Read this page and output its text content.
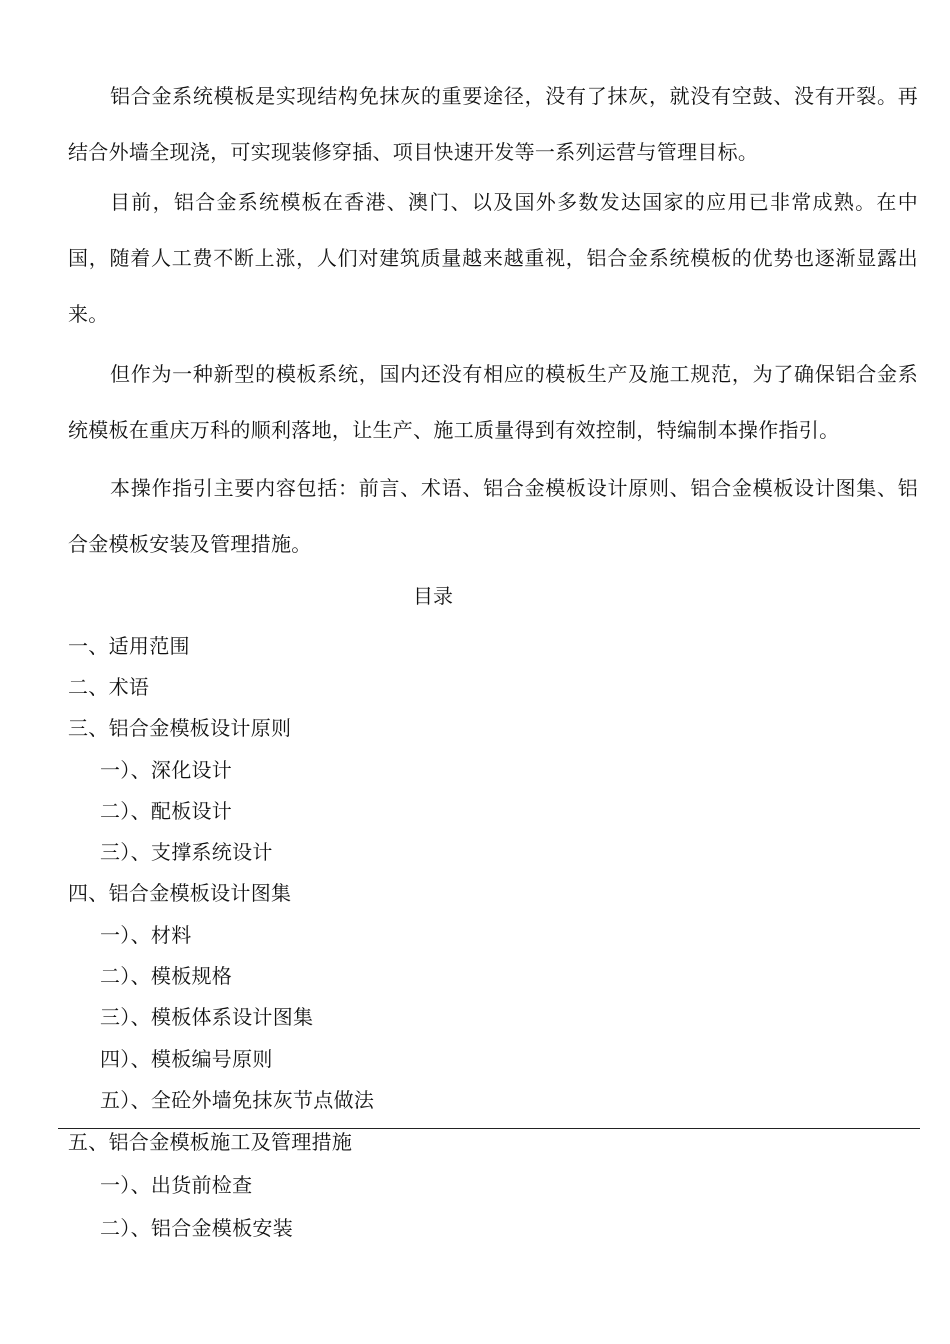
铝合金系统模板是实现结构免抹灰的重要途径，没有了抹灰，就没有空鼓、没有开裂。再结合外墙全现浇，可实现装修穿插、项目快速开发等一系列运营与管理目标。

目前，铝合金系统模板在香港、澳门、以及国外多数发达国家的应用已非常成熟。在中国，随着人工费不断上涨，人们对建筑质量越来越重视，铝合金系统模板的优势也逐渐显露出来。

但作为一种新型的模板系统，国内还没有相应的模板生产及施工规范，为了确保铝合金系统模板在重庆万科的顺利落地，让生产、施工质量得到有效控制，特编制本操作指引。

本操作指引主要内容包括：前言、术语、铝合金模板设计原则、铝合金模板设计图集、铝合金模板安装及管理措施。

目录
一、适用范围
二、术语
三、铝合金模板设计原则
一）、深化设计
二）、配板设计
三）、支撑系统设计
四、铝合金模板设计图集
一）、材料
二）、模板规格
三）、模板体系设计图集
四）、模板编号原则
五）、全砼外墙免抹灰节点做法
五、铝合金模板施工及管理措施
一）、出货前检查
二）、铝合金模板安装
